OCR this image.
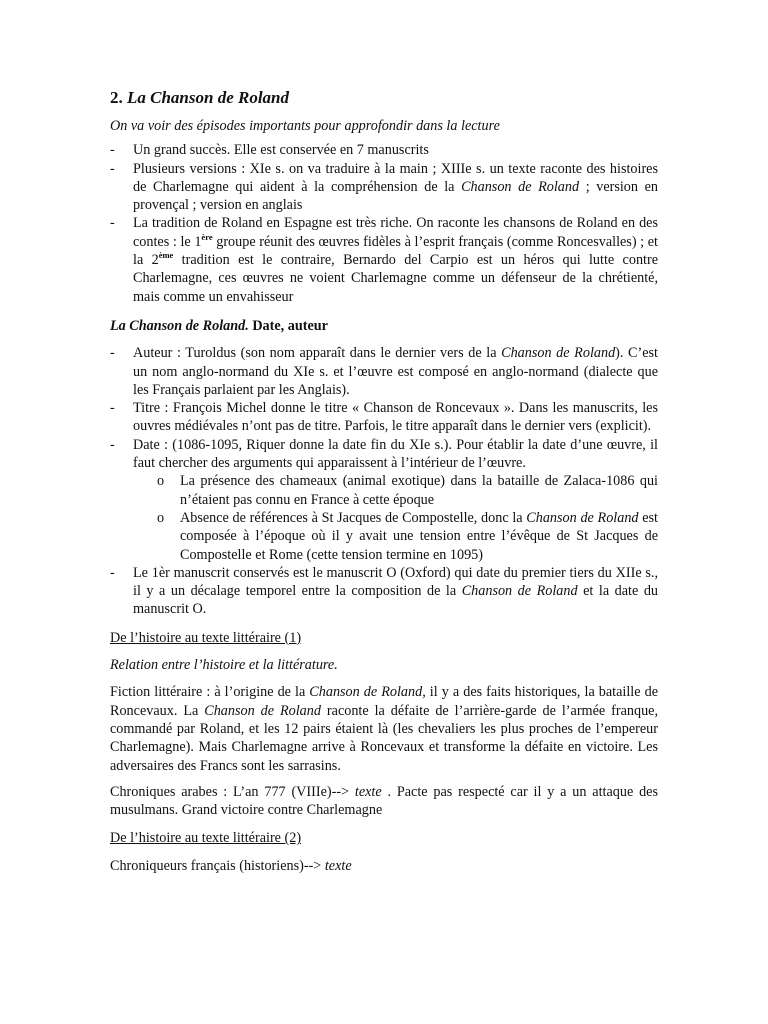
2. La Chanson de Roland
On va voir des épisodes importants pour approfondir dans la lecture
- Un grand succès. Elle est conservée en 7 manuscrits
- Plusieurs versions : XIe s. on va traduire à la main ; XIIIe s. un texte raconte des histoires de Charlemagne qui aident à la compréhension de la Chanson de Roland ; version en provençal ; version en anglais
- La tradition de Roland en Espagne est très riche. On raconte les chansons de Roland en des contes : le 1ère groupe réunit des œuvres fidèles à l’esprit français (comme Roncesvalles) ; et la 2ème tradition est le contraire, Bernardo del Carpio est un héros qui lutte contre Charlemagne, ces œuvres ne voient Charlemagne comme un défenseur de la chrétienté, mais comme un envahisseur
La Chanson de Roland. Date, auteur
- Auteur : Turoldus (son nom apparaît dans le dernier vers de la Chanson de Roland). C’est un nom anglo-normand du XIe s. et l’œuvre est composé en anglo-normand (dialecte que les Français parlaient par les Anglais).
- Titre : François Michel donne le titre « Chanson de Roncevaux ». Dans les manuscrits, les ouvres médiévales n’ont pas de titre. Parfois, le titre apparaît dans le dernier vers (explicit).
- Date : (1086-1095, Riquer donne la date fin du XIe s.). Pour établir la date d’une œuvre, il faut chercher des arguments qui apparaissent à l’intérieur de l’œuvre.
o La présence des chameaux (animal exotique) dans la bataille de Zalaca-1086 qui n’étaient pas connu en France à cette époque
o Absence de références à St Jacques de Compostelle, donc la Chanson de Roland est composée à l’époque où il y avait une tension entre l’évêque de St Jacques de Compostelle et Rome (cette tension termine en 1095)
- Le 1èr manuscrit conservés est le manuscrit O (Oxford) qui date du premier tiers du XIIe s., il y a un décalage temporel entre la composition de la Chanson de Roland et la date du manuscrit O.
De l’histoire au texte littéraire (1)
Relation entre l’histoire et la littérature.
Fiction littéraire : à l’origine de la Chanson de Roland, il y a des faits historiques, la bataille de Roncevaux. La Chanson de Roland raconte la défaite de l’arrière-garde de l’armée franque, commandé par Roland, et les 12 pairs étaient là (les chevaliers les plus proches de l’empereur Charlemagne). Mais Charlemagne arrive à Roncevaux et transforme la défaite en victoire. Les adversaires des Francs sont les sarrasins.
Chroniques arabes : L’an 777 (VIIIe)--> texte . Pacte pas respecté car il y a un attaque des musulmans. Grand victoire contre Charlemagne
De l’histoire au texte littéraire (2)
Chroniqueurs français (historiens)--> texte
